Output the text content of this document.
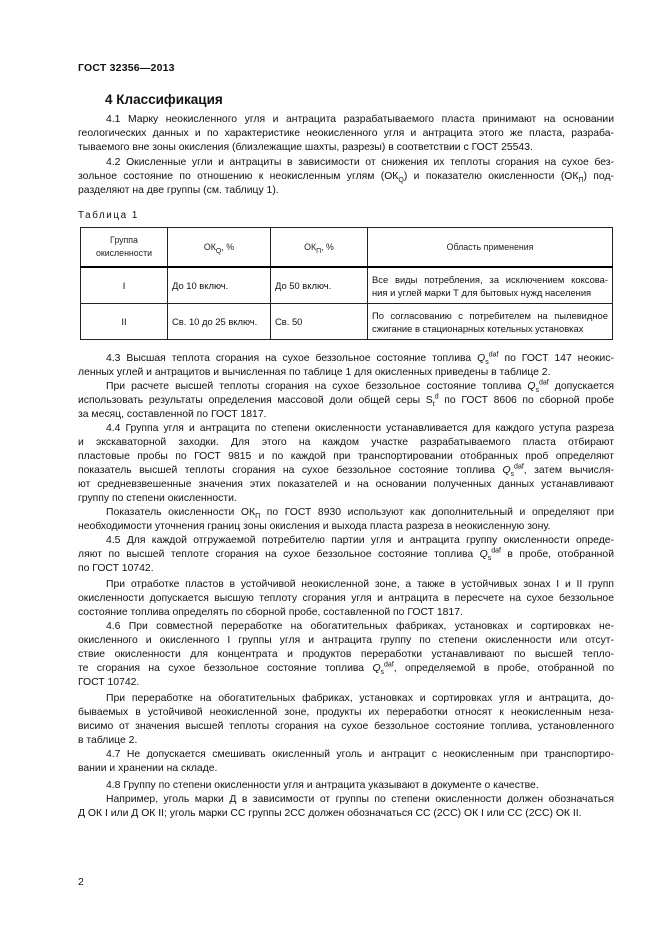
ГОСТ 32356—2013
4 Классификация

4.1 Марку неокисленного угля и антрацита разрабатываемого пласта принимают на основании

геологических данных и по характеристике неокисленного угля и антрацита этого же пласта, разраба-
тываемого вне зоны окисления (близлежащие шахты, разрезы) в соответствии с ГОСТ 25543.

4.2 Окисленные угли и антрациты в зависимости от снижения их теплоты сгорания на сухое без-

зольное состояние по отношению к неокисленным углям $(ОК_Q)$ и показателю окисленности $(ОК_П)$ под-
разделяют на две группы (см. таблицу 1).
Таблица 1
Группа окисленности	$ОК_Q$, %	$ОК_П$, %	Область применения
I	До 10 включ.	До 50 включ.	Все виды потребления, за исключением коксова-
ния и углей марки Т для бытовых нужд населения

II	Св. 10 до 25 включ.	Св. 50	По согласованию с потребителем на пылевидное
сжигание в стационарных котельных установках

4.3 Высшая теплота сгорания на сухое беззольное состояние топлива $Q_s^{daf}$ по ГОСТ 147 неокис-

ленных углей и антрацитов и вычисленная по таблице 1 для окисленных приведены в таблице 2.

При расчете высшей теплоты сгорания на сухое беззольное состояние топлива $Q_s^{daf}$ допускается

использовать результаты определения массовой доли общей серы $S_t^d$ по ГОСТ 8606 по сборной пробе
за месяц, составленной по ГОСТ 1817.

4.4 Группа угля и антрацита по степени окисленности устанавливается для каждого уступа разреза

и экскаваторной заходки. Для этого на каждом участке разрабатываемого пласта отбирают
пластовые пробы по ГОСТ 9815 и по каждой при транспортировании отобранных проб определяют
показатель высшей теплоты сгорания на сухое беззольное состояние топлива $Q_s^{daf}$, затем вычисля-
ют средневзвешенные значения этих показателей и на основании полученных данных устанавливают
группу по степени окисленности.

Показатель окисленности $ОК_П$ по ГОСТ 8930 используют как дополнительный и определяют при

необходимости уточнения границ зоны окисления и выхода пласта разреза в неокисленную зону.

4.5 Для каждой отгружаемой потребителю партии угля и антрацита группу окисленности опреде-

ляют по высшей теплоте сгорания на сухое беззольное состояние топлива $Q_s^{daf}$ в пробе, отобранной
по ГОСТ 10742.

При отработке пластов в устойчивой неокисленной зоне, а также в устойчивых зонах I и II групп

окисленности допускается высшую теплоту сгорания угля и антрацита в пересчете на сухое беззольное
состояние топлива определять по сборной пробе, составленной по ГОСТ 1817.

4.6 При совместной переработке на обогатительных фабриках, установках и сортировках не-

окисленного и окисленного I группы угля и антрацита группу по степени окисленности или отсут-
ствие окисленности для концентрата и продуктов переработки устанавливают по высшей тепло-
те сгорания на сухое беззольное состояние топлива $Q_s^{daf}$, определяемой в пробе, отобранной по
ГОСТ 10742.

При переработке на обогатительных фабриках, установках и сортировках угля и антрацита, до-

бываемых в устойчивой неокисленной зоне, продукты их переработки относят к неокисленным неза-
висимо от значения высшей теплоты сгорания на сухое беззольное состояние топлива, установленного
в таблице 2.

4.7 Не допускается смешивать окисленный уголь и антрацит с неокисленным при транспортиро-

вании и хранении на складе.

4.8 Группу по степени окисленности угля и антрацита указывают в документе о качестве.

Например, уголь марки Д в зависимости от группы по степени окисленности должен обозначаться

Д ОК I или Д ОК II; уголь марки СС группы 2СС должен обозначаться СС (2СС) ОК I или СС (2СС) ОК II.
2
